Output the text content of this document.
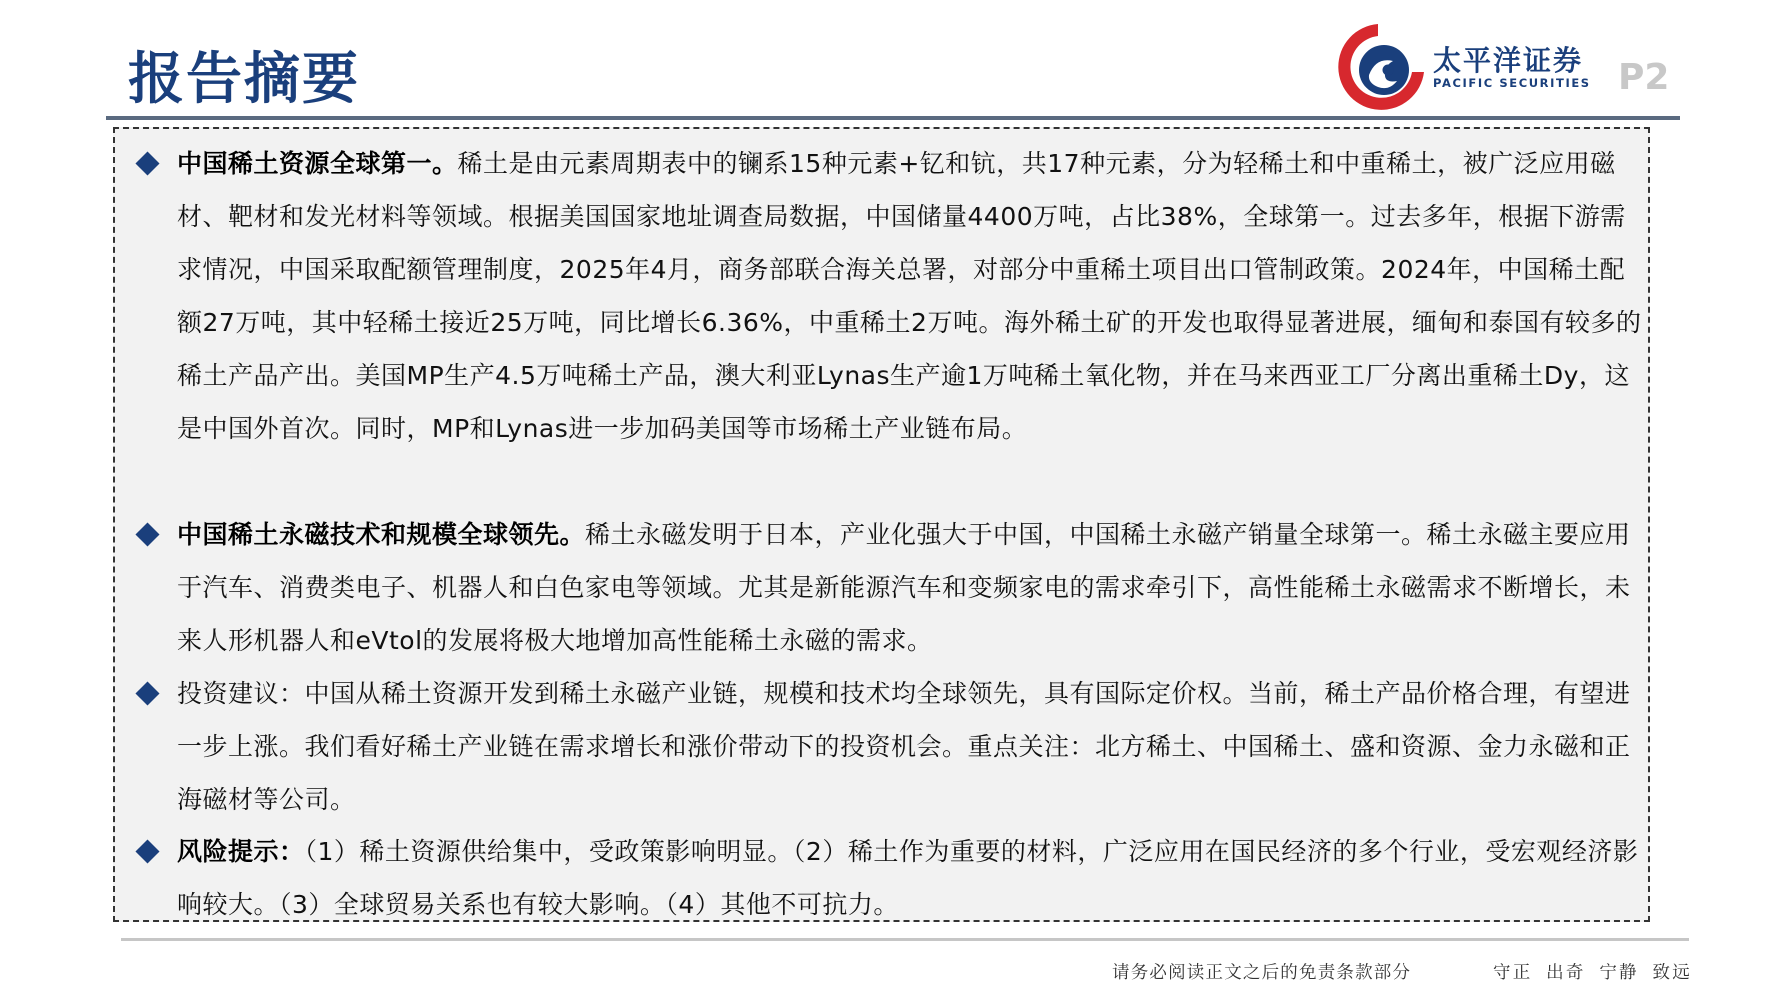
报告摘要	太平洋证券
PACIFIC SECURITIES P2

中国稀土资源全球第一。稀土是由元素周期表中的镧系15种元素+钇和钪，共17种元素，分为轻稀土和中重稀土，被广泛应用磁材、靶材和发光材料等领域。根据美国国家地址调查局数据，中国储量4400万吨，占比38%，全球第一。过去多年，根据下游需求情况，中国采取配额管理制度，2025年4月，商务部联合海关总署，对部分中重稀土项目出口管制政策。2024年，中国稀土配额27万吨，其中轻稀土接近25万吨，同比增长6.36%，中重稀土2万吨。海外稀土矿的开发也取得显著进展，缅甸和泰国有较多的稀土产品产出。美国MP生产4.5万吨稀土产品，澳大利亚Lynas生产逾1万吨稀土氧化物，并在马来西亚工厂分离出重稀土Dy，这是中国外首次。同时，MP和Lynas进一步加码美国等市场稀土产业链布局。

中国稀土永磁技术和规模全球领先。稀土永磁发明于日本，产业化强大于中国，中国稀土永磁产销量全球第一。稀土永磁主要应用于汽车、消费类电子、机器人和白色家电等领域。尤其是新能源汽车和变频家电的需求牵引下，高性能稀土永磁需求不断增长，未来人形机器人和eVtol的发展将极大地增加高性能稀土永磁的需求。

投资建议：中国从稀土资源开发到稀土永磁产业链，规模和技术均全球领先，具有国际定价权。当前，稀土产品价格合理，有望进一步上涨。我们看好稀土产业链在需求增长和涨价带动下的投资机会。重点关注：北方稀土、中国稀土、盛和资源、金力永磁和正海磁材等公司。

风险提示：（1）稀土资源供给集中，受政策影响明显。（2）稀土作为重要的材料，广泛应用在国民经济的多个行业，受宏观经济影响较大。（3）全球贸易关系也有较大影响。（4）其他不可抗力。

请务必阅读正文之后的免责条款部分	守正 出奇 宁静 致远
